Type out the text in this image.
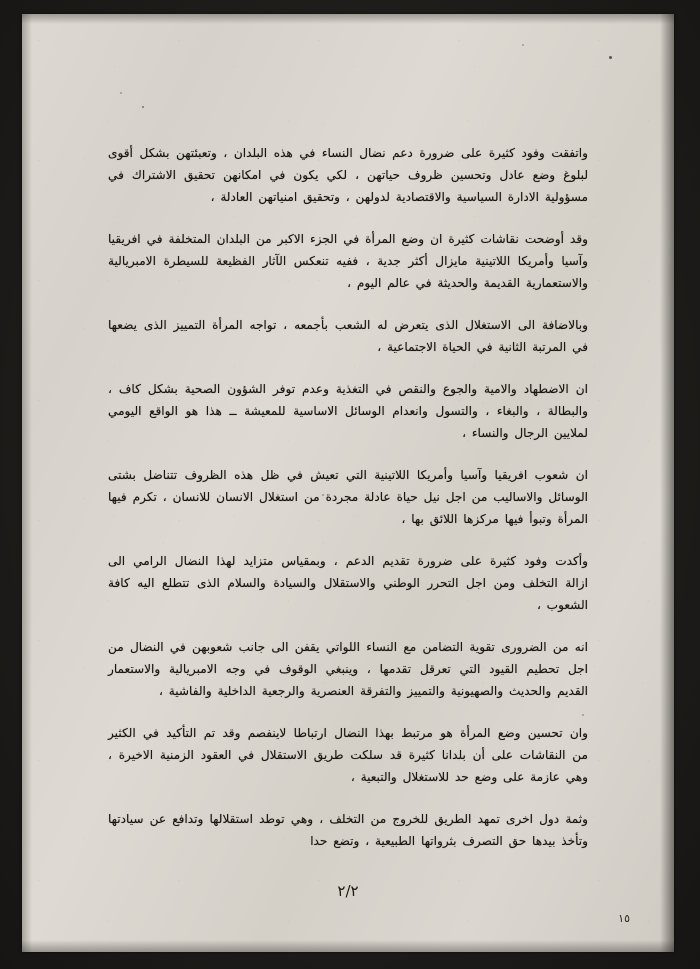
واتفقت وفود كثيرة على ضرورة دعم نضال النساء في هذه البلدان ، وتعبئتهن بشكل أقوى لبلوغ وضع عادل وتحسين ظروف حياتهن ، لكي يكون في امكانهن تحقيق الاشتراك في مسؤولية الادارة السياسية والاقتصادية لدولهن ، وتحقيق امنياتهن العادلة ،

وقد أوضحت نقاشات كثيرة ان وضع المرأة في الجزء الاكبر من البلدان المتخلفة في افريقيا وآسيا وأمريكا اللاتينية مايزال أكثر جدية ، ففيه تنعكس الآثار الفظيعة للسيطرة الامبريالية والاستعمارية القديمة والحديثة في عالم اليوم ،

وبالاضافة الى الاستغلال الذى يتعرض له الشعب بأجمعه ، تواجه المرأة التمييز الذى يضعها في المرتبة الثانية في الحياة الاجتماعية ،

ان الاضطهاد والامية والجوع والنقص في التغذية وعدم توفر الشؤون الصحية بشكل كاف ، والبطالة ، والبغاء ، والتسول وانعدام الوسائل الاساسية للمعيشة ــ هذا هو الواقع اليومي لملايين الرجال والنساء ،

ان شعوب افريقيا وآسيا وأمريكا اللاتينية التي تعيش في ظل هذه الظروف تتناضل بشتى الوسائل والاساليب من اجل نيل حياة عادلة مجردة من استغلال الانسان للانسان ، تكرم فيها المرأة وتبوأ فيها مركزها اللائق بها ،

وأكدت وفود كثيرة على ضرورة تقديم الدعم ، وبمقياس متزايد لهذا النضال الرامي الى ازالة التخلف ومن اجل التحرر الوطني والاستقلال والسيادة والسلام الذى تتطلع اليه كافة الشعوب ،

انه من الضرورى تقوية التضامن مع النساء اللواتي يقفن الى جانب شعوبهن في النضال من اجل تحطيم القيود التي تعرقل تقدمها ، وينبغي الوقوف في وجه الامبريالية والاستعمار القديم والحديث والصهيونية والتمييز والتفرقة العنصرية والرجعية الداخلية والفاشية ،

وان تحسين وضع المرأة هو مرتبط بهذا النضال ارتباطا لاينفصم وقد تم التأكيد في الكثير من النقاشات على أن بلدانا كثيرة قد سلكت طريق الاستقلال في العقود الزمنية الاخيرة ، وهي عازمة على وضع حد للاستغلال والتبعية ،

وثمة دول اخرى تمهد الطريق للخروج من التخلف ، وهي توطد استقلالها وتدافع عن سيادتها وتأخذ بيدها حق التصرف بثرواتها الطبيعية ، وتضع حدا

٢/٢
١٥
